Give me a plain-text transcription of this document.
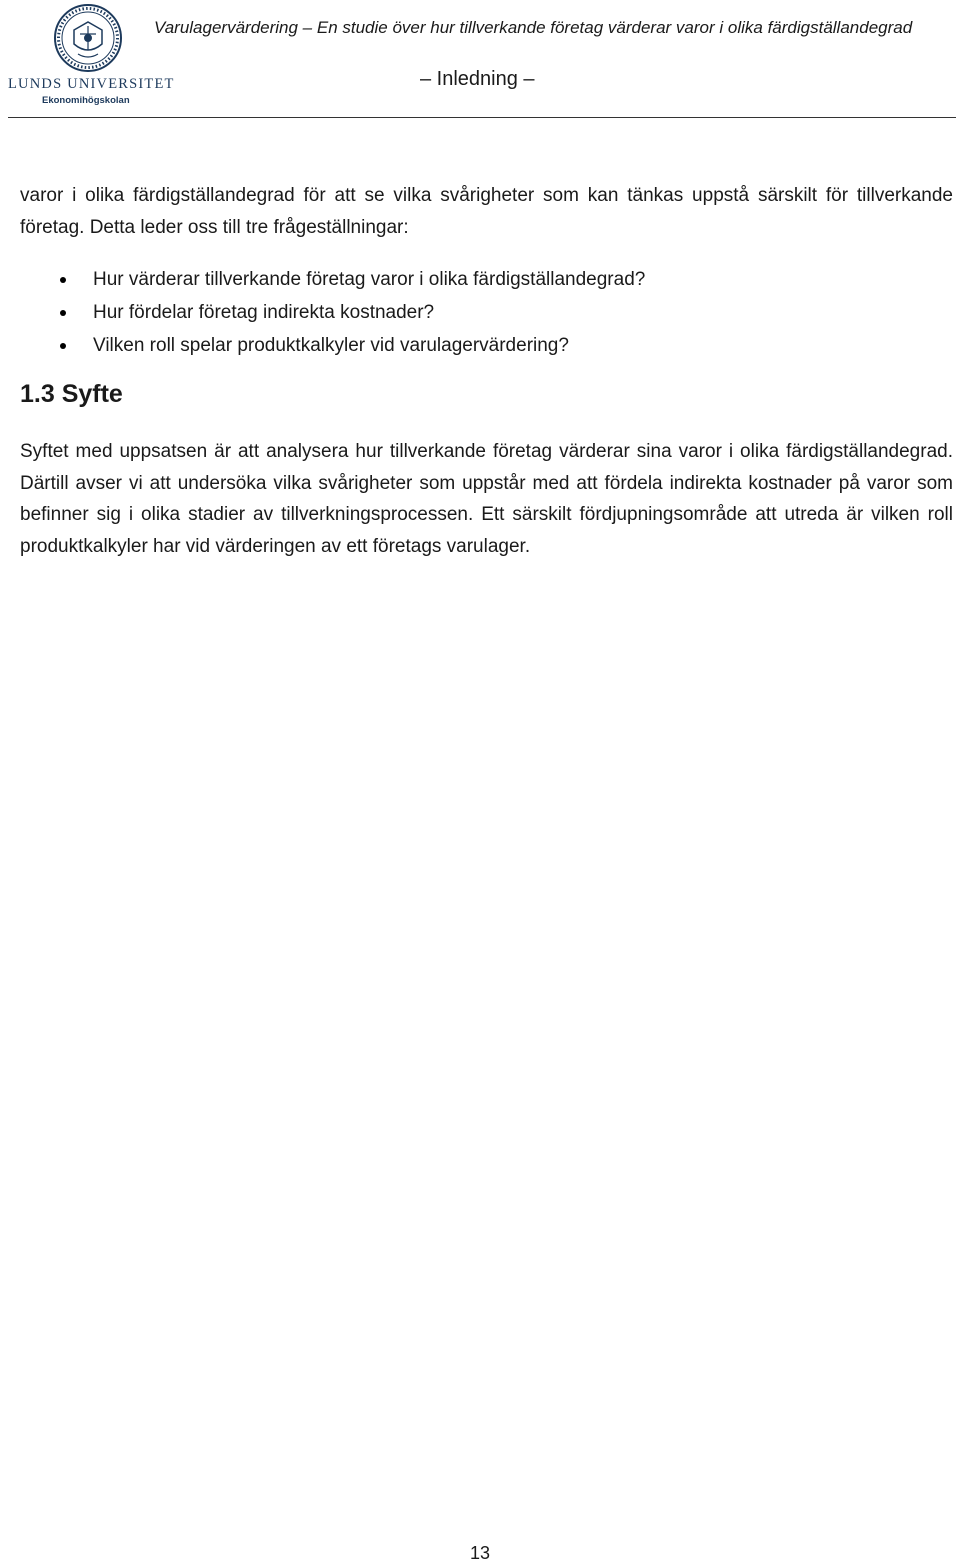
LUNDS UNIVERSITET
Ekonomihögskolan
Varulagervärdering – En studie över hur tillverkande företag värderar varor i olika färdigställandegrad
– Inledning –

varor i olika färdigställandegrad för att se vilka svårigheter som kan tänkas uppstå särskilt för tillverkande företag. Detta leder oss till tre frågeställningar:

Hur värderar tillverkande företag varor i olika färdigställandegrad?
Hur fördelar företag indirekta kostnader?
Vilken roll spelar produktkalkyler vid varulagervärdering?
1.3 Syfte

Syftet med uppsatsen är att analysera hur tillverkande företag värderar sina varor i olika färdigställandegrad. Därtill avser vi att undersöka vilka svårigheter som uppstår med att fördela indirekta kostnader på varor som befinner sig i olika stadier av tillverkningsprocessen. Ett särskilt fördjupningsområde att utreda är vilken roll produktkalkyler har vid värderingen av ett företags varulager.

13
